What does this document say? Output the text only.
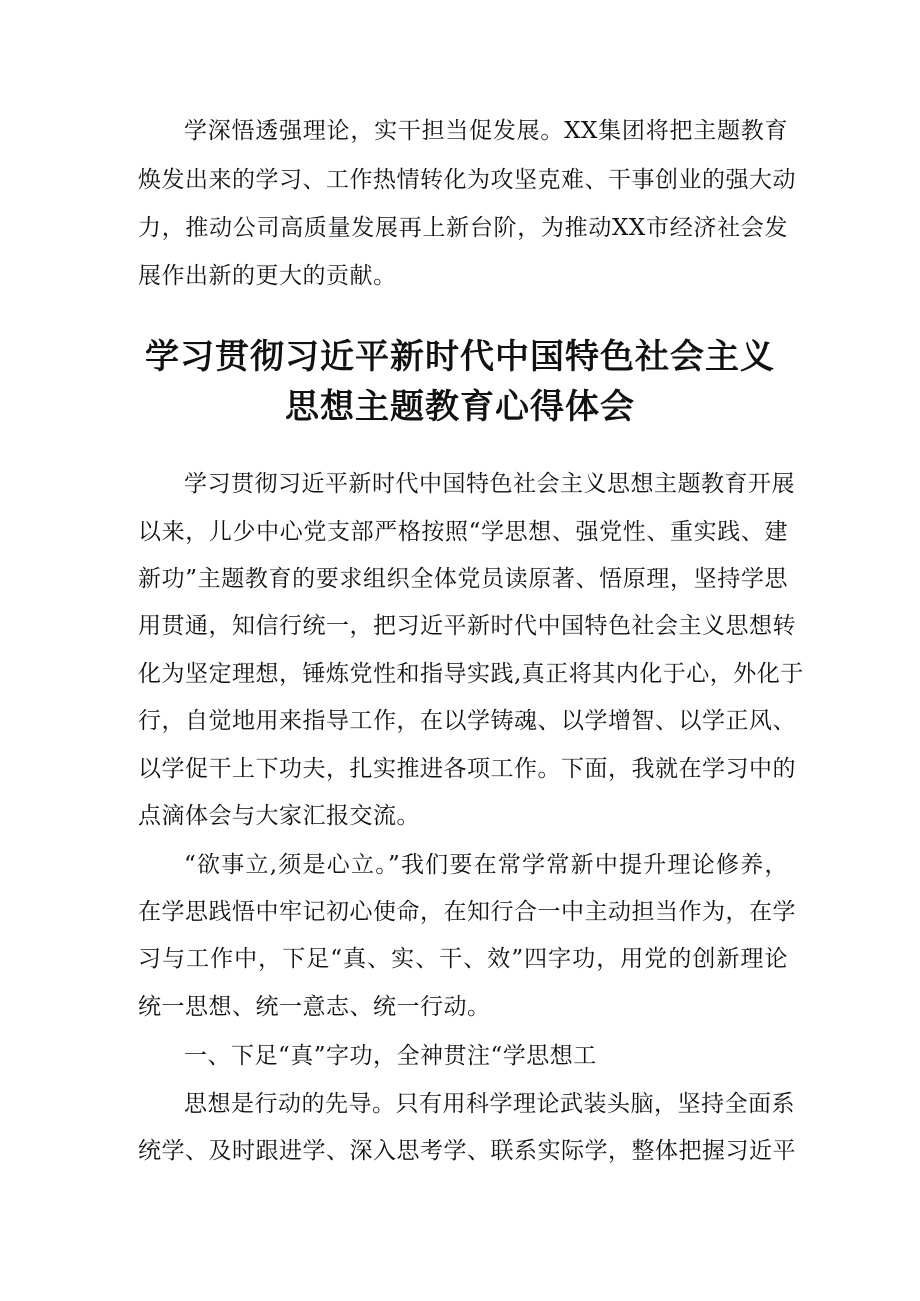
学深悟透强理论，实干担当促发展。XX集团将把主题教育
焕发出来的学习、工作热情转化为攻坚克难、干事创业的强大动
力，推动公司高质量发展再上新台阶，为推动XX市经济社会发
展作出新的更大的贡献。
学习贯彻习近平新时代中国特色社会主义
思想主题教育心得体会
学习贯彻习近平新时代中国特色社会主义思想主题教育开展
以来，儿少中心党支部严格按照“学思想、强党性、重实践、建
新功”主题教育的要求组织全体党员读原著、悟原理，坚持学思
用贯通，知信行统一，把习近平新时代中国特色社会主义思想转
化为坚定理想，锤炼党性和指导实践,真正将其内化于心，外化于
行，自觉地用来指导工作，在以学铸魂、以学增智、以学正风、
以学促干上下功夫，扎实推进各项工作。下面，我就在学习中的
点滴体会与大家汇报交流。
“欲事立,须是心立。”我们要在常学常新中提升理论修养，
在学思践悟中牢记初心使命，在知行合一中主动担当作为，在学
习与工作中，下足“真、实、干、效”四字功，用党的创新理论
统一思想、统一意志、统一行动。
一、下足“真”字功，全神贯注“学思想工
思想是行动的先导。只有用科学理论武装头脑，坚持全面系
统学、及时跟进学、深入思考学、联系实际学，整体把握习近平
